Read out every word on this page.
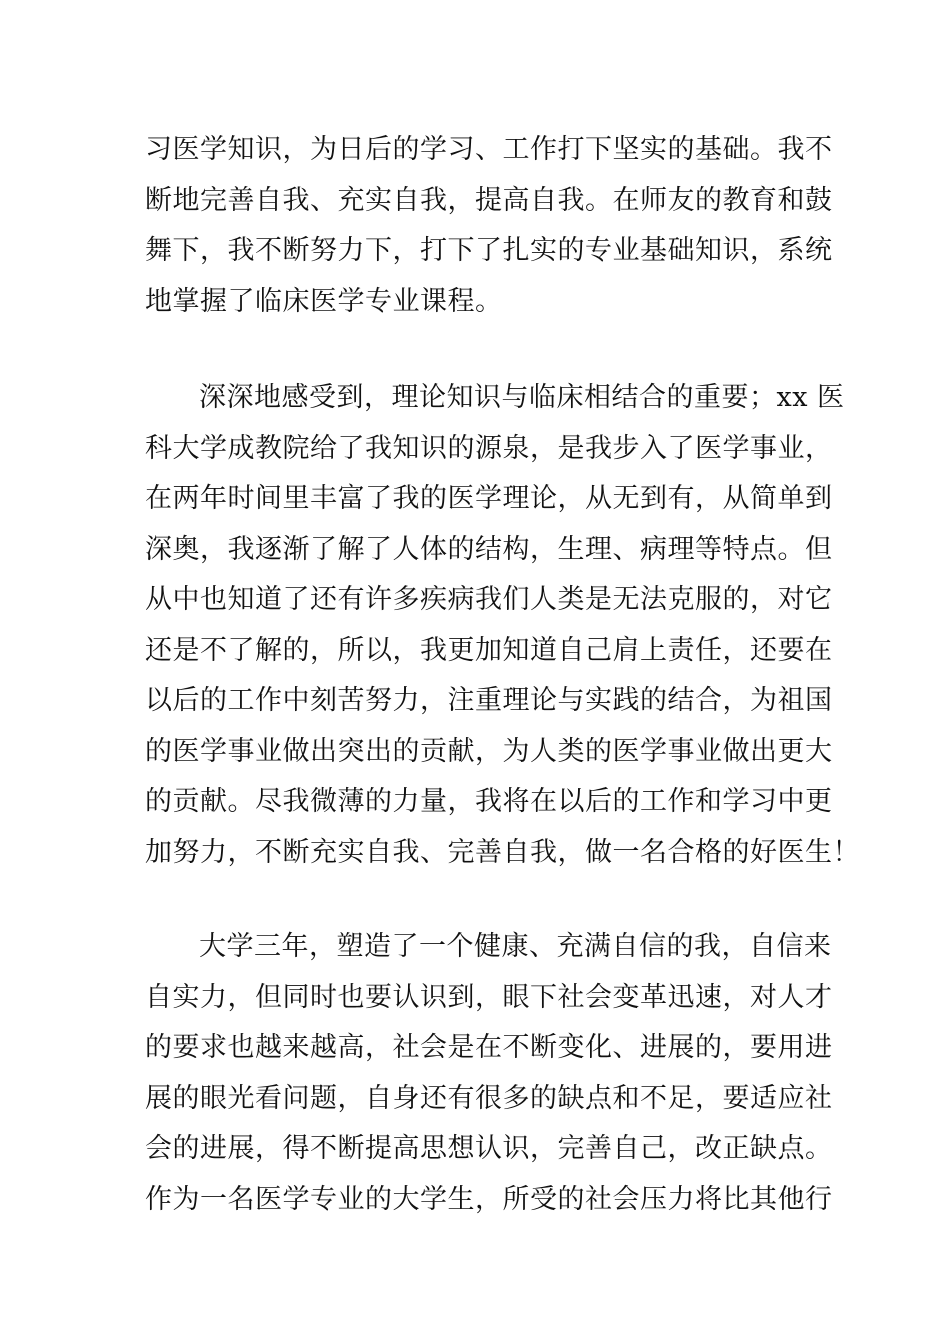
习医学知识，为日后的学习、工作打下坚实的基础。我不
断地完善自我、充实自我，提高自我。在师友的教育和鼓
舞下，我不断努力下，打下了扎实的专业基础知识，系统
地掌握了临床医学专业课程。
深深地感受到，理论知识与临床相结合的重要；xx 医
科大学成教院给了我知识的源泉，是我步入了医学事业，
在两年时间里丰富了我的医学理论，从无到有，从简单到
深奥，我逐渐了解了人体的结构，生理、病理等特点。但
从中也知道了还有许多疾病我们人类是无法克服的，对它
还是不了解的，所以，我更加知道自己肩上责任，还要在
以后的工作中刻苦努力，注重理论与实践的结合，为祖国
的医学事业做出突出的贡献，为人类的医学事业做出更大
的贡献。尽我微薄的力量，我将在以后的工作和学习中更
加努力，不断充实自我、完善自我，做一名合格的好医生！
大学三年，塑造了一个健康、充满自信的我，自信来
自实力，但同时也要认识到，眼下社会变革迅速，对人才
的要求也越来越高，社会是在不断变化、进展的，要用进
展的眼光看问题，自身还有很多的缺点和不足，要适应社
会的进展，得不断提高思想认识，完善自己，改正缺点。
作为一名医学专业的大学生，所受的社会压力将比其他行
